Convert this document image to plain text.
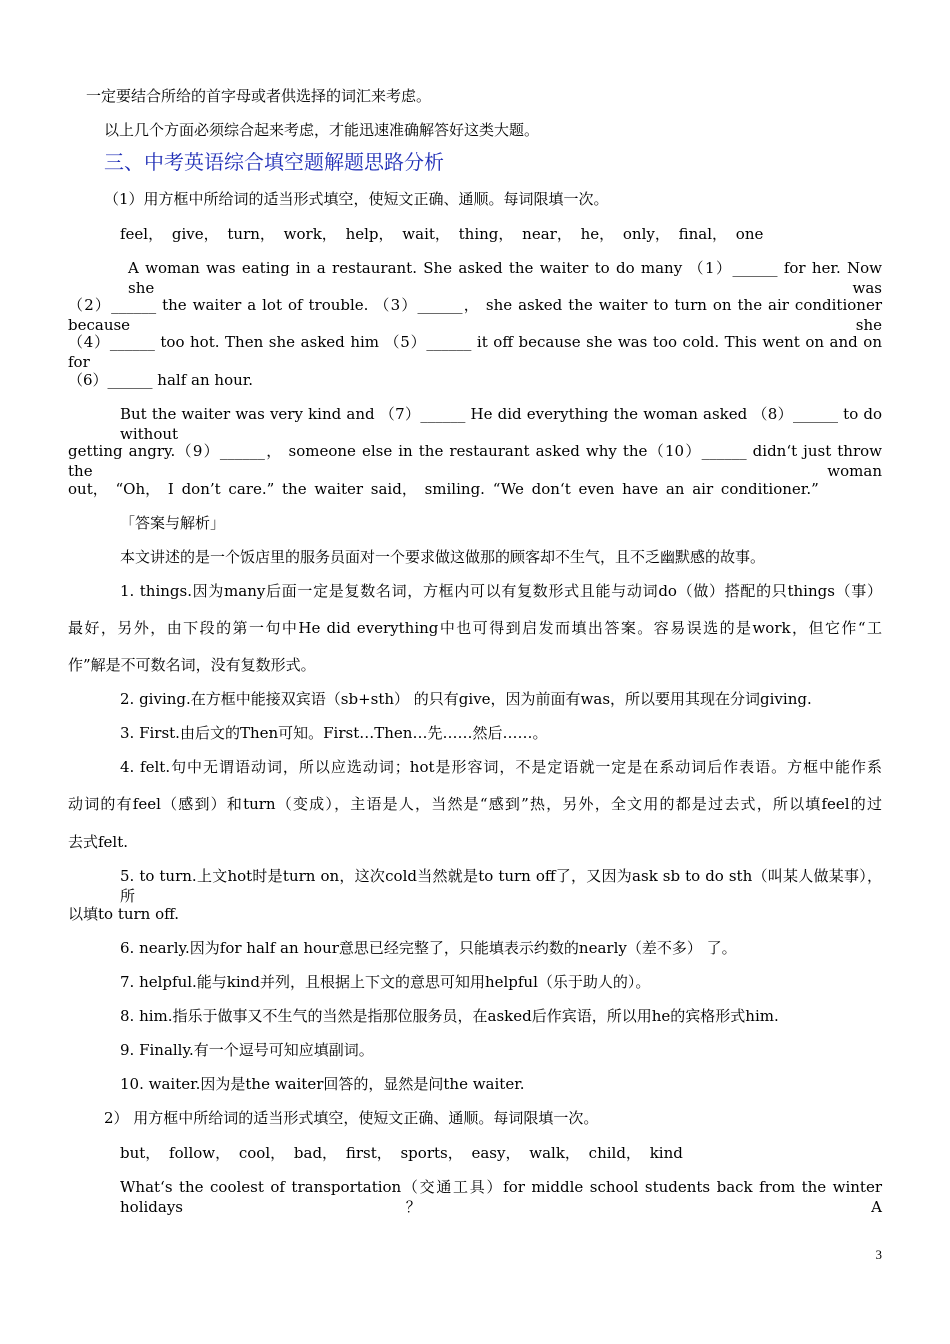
一定要结合所给的首字母或者供选择的词汇来考虑。
以上几个方面必须综合起来考虑，才能迅速准确解答好这类大题。
三、中考英语综合填空题解题思路分析
（1）用方框中所给词的适当形式填空，使短文正确、通顺。每词限填一次。
feel， give， turn， work， help， wait， thing， near， he， only， final， one
A woman was eating in a restaurant. She asked the waiter to do many （1）______ for her. Now she was
（2）______ the waiter a lot of trouble. （3）______， she asked the waiter to turn on the air conditioner because she
（4）______ too hot. Then she asked him （5）______ it off because she was too cold. This went on and on for
（6）______ half an hour.
But the waiter was very kind and （7）______ He did everything the woman asked （8）______ to do without
getting angry.（9）______， someone else in the restaurant asked why the（10）______ didn‘t just throw the woman
out， “Oh， I don’t care.” the waiter said， smiling. “We don‘t even have an air conditioner.”
「答案与解析」
本文讲述的是一个饭店里的服务员面对一个要求做这做那的顾客却不生气，且不乏幽默感的故事。
1. things.因为many后面一定是复数名词，方框内可以有复数形式且能与动词do（做）搭配的只things（事）
最好，另外，由下段的第一句中He did everything中也可得到启发而填出答案。容易误选的是work，但它作“工
作”解是不可数名词，没有复数形式。
2. giving.在方框中能接双宾语（sb+sth） 的只有give，因为前面有was，所以要用其现在分词giving.
3. First.由后文的Then可知。First…Then…先……然后……。
4. felt.句中无谓语动词，所以应选动词；hot是形容词，不是定语就一定是在系动词后作表语。方框中能作系
动词的有feel（感到）和turn（变成），主语是人，当然是“感到”热，另外，全文用的都是过去式，所以填feel的过
去式felt.
5. to turn.上文hot时是turn on，这次cold当然就是to turn off了，又因为ask sb to do sth（叫某人做某事），所
以填to turn off.
6. nearly.因为for half an hour意思已经完整了，只能填表示约数的nearly（差不多） 了。
7. helpful.能与kind并列，且根据上下文的意思可知用helpful（乐于助人的）。
8. him.指乐于做事又不生气的当然是指那位服务员，在asked后作宾语，所以用he的宾格形式him.
9. Finally.有一个逗号可知应填副词。
10. waiter.因为是the waiter回答的，显然是问the waiter.
2） 用方框中所给词的适当形式填空，使短文正确、通顺。每词限填一次。
but， follow， cool， bad， first， sports， easy， walk， child， kind
What‘s the coolest of transportation（交通工具）for middle school students back from the winter holidays？ A
3
